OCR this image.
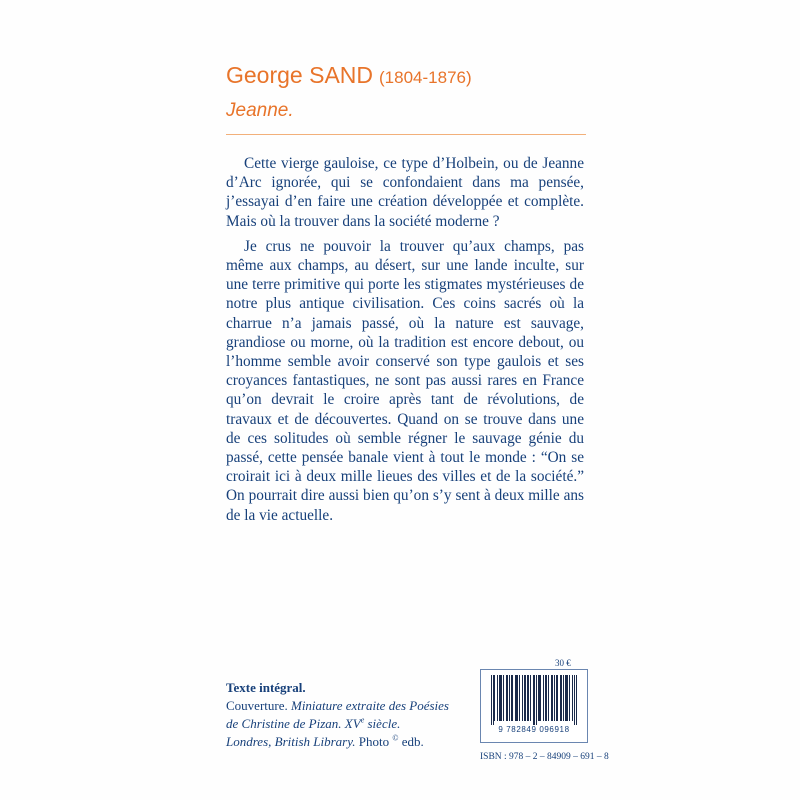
George SAND (1804-1876)
Jeanne.

Cette vierge gauloise, ce type d’Holbein, ou de Jeanne d’Arc ignorée, qui se confondaient dans ma pensée, j’essayai d’en faire une création développée et complète. Mais où la trouver dans la société moderne ?

Je crus ne pouvoir la trouver qu’aux champs, pas même aux champs, au désert, sur une lande inculte, sur une terre primitive qui porte les stigmates mystérieuses de notre plus antique civilisation. Ces coins sacrés où la charrue n’a jamais passé, où la nature est sauvage, grandiose ou morne, où la tradition est encore debout, ou l’homme semble avoir conservé son type gaulois et ses croyances fantastiques, ne sont pas aussi rares en France qu’on devrait le croire après tant de révolutions, de travaux et de découvertes. Quand on se trouve dans une de ces solitudes où semble régner le sauvage génie du passé, cette pensée banale vient à tout le monde : “On se croirait ici à deux mille lieues des villes et de la société.” On pourrait dire aussi bien qu’on s’y sent à deux mille ans de la vie actuelle.

Texte intégral.
Couverture. Miniature extraite des Poésies
de Christine de Pizan. XVe siècle.
Londres, British Library. Photo © edb.
30 €
9 782849 096918
ISBN : 978 – 2 – 84909 – 691 – 8
